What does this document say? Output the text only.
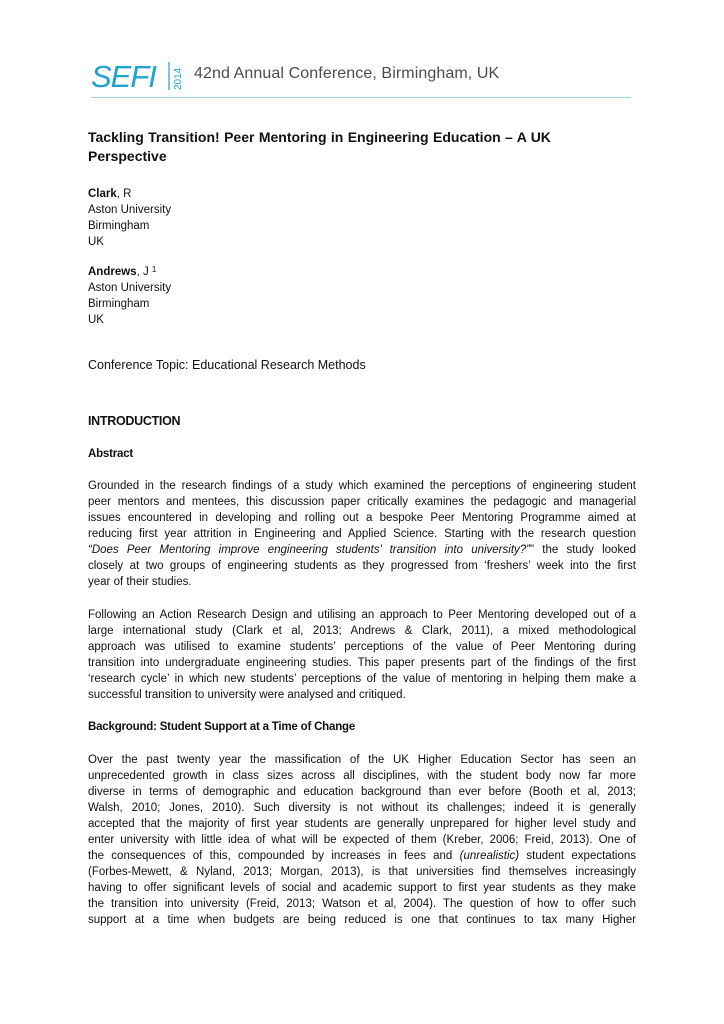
SEFI 2014 42nd Annual Conference, Birmingham, UK
Tackling Transition! Peer Mentoring in Engineering Education – A UK
Perspective
Clark, R
Aston University
Birmingham
UK
Andrews, J $^1$
Aston University
Birmingham
UK
Conference Topic: Educational Research Methods
INTRODUCTION
Abstract
Grounded in the research findings of a study which examined the perceptions of engineering student
peer mentors and mentees, this discussion paper critically examines the pedagogic and managerial
issues encountered in developing and rolling out a bespoke Peer Mentoring Programme aimed at
reducing first year attrition in Engineering and Applied Science. Starting with the research question
“Does Peer Mentoring improve engineering students’ transition into university?”" the study looked
closely at two groups of engineering students as they progressed from ‘freshers’ week into the first
year of their studies.
Following an Action Research Design and utilising an approach to Peer Mentoring developed out of a
large international study (Clark et al, 2013; Andrews & Clark, 2011), a mixed methodological
approach was utilised to examine students’ perceptions of the value of Peer Mentoring during
transition into undergraduate engineering studies. This paper presents part of the findings of the first
‘research cycle’ in which new students’ perceptions of the value of mentoring in helping them make a
successful transition to university were analysed and critiqued.
Background: Student Support at a Time of Change
Over the past twenty year the massification of the UK Higher Education Sector has seen an
unprecedented growth in class sizes across all disciplines, with the student body now far more
diverse in terms of demographic and education background than ever before (Booth et al, 2013;
Walsh, 2010; Jones, 2010). Such diversity is not without its challenges; indeed it is generally
accepted that the majority of first year students are generally unprepared for higher level study and
enter university with little idea of what will be expected of them (Kreber, 2006; Freid, 2013). One of
the consequences of this, compounded by increases in fees and (unrealistic) student expectations
(Forbes-Mewett, & Nyland, 2013; Morgan, 2013), is that universities find themselves increasingly
having to offer significant levels of social and academic support to first year students as they make
the transition into university (Freid, 2013; Watson et al, 2004). The question of how to offer such
support at a time when budgets are being reduced is one that continues to tax many Higher
